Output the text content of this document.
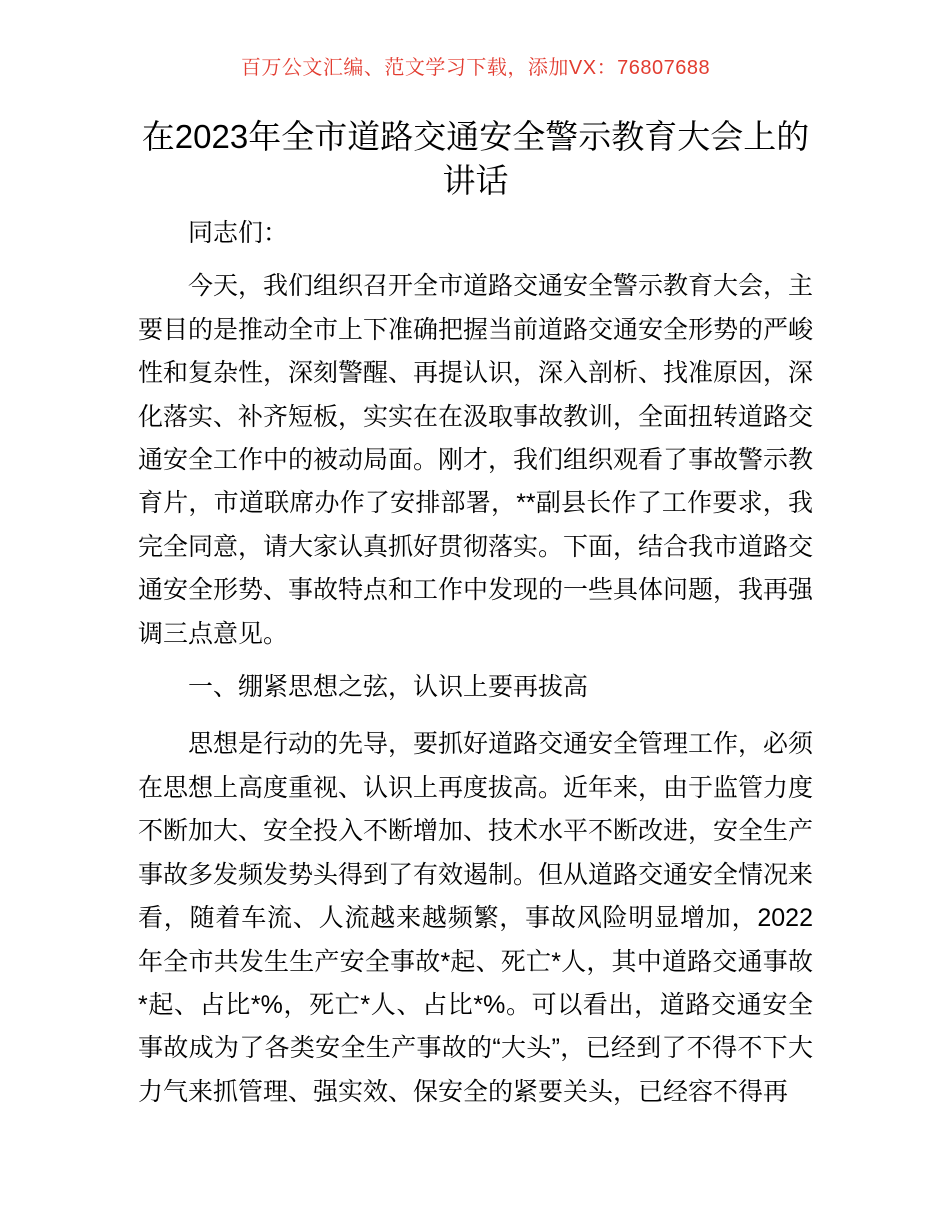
百万公文汇编、范文学习下载，添加VX：76807688
在2023年全市道路交通安全警示教育大会上的讲话

同志们：

今天，我们组织召开全市道路交通安全警示教育大会，主要目的是推动全市上下准确把握当前道路交通安全形势的严峻性和复杂性，深刻警醒、再提认识，深入剖析、找准原因，深化落实、补齐短板，实实在在汲取事故教训，全面扭转道路交通安全工作中的被动局面。刚才，我们组织观看了事故警示教育片，市道联席办作了安排部署，**副县长作了工作要求，我完全同意，请大家认真抓好贯彻落实。下面，结合我市道路交通安全形势、事故特点和工作中发现的一些具体问题，我再强调三点意见。

一、绷紧思想之弦，认识上要再拔高

思想是行动的先导，要抓好道路交通安全管理工作，必须在思想上高度重视、认识上再度拔高。近年来，由于监管力度不断加大、安全投入不断增加、技术水平不断改进，安全生产事故多发频发势头得到了有效遏制。但从道路交通安全情况来看，随着车流、人流越来越频繁，事故风险明显增加，2022年全市共发生生产安全事故*起、死亡*人，其中道路交通事故*起、占比*%，死亡*人、占比*%。可以看出，道路交通安全事故成为了各类安全生产事故的“大头”，已经到了不得不下大力气来抓管理、强实效、保安全的紧要关头，已经容不得再
